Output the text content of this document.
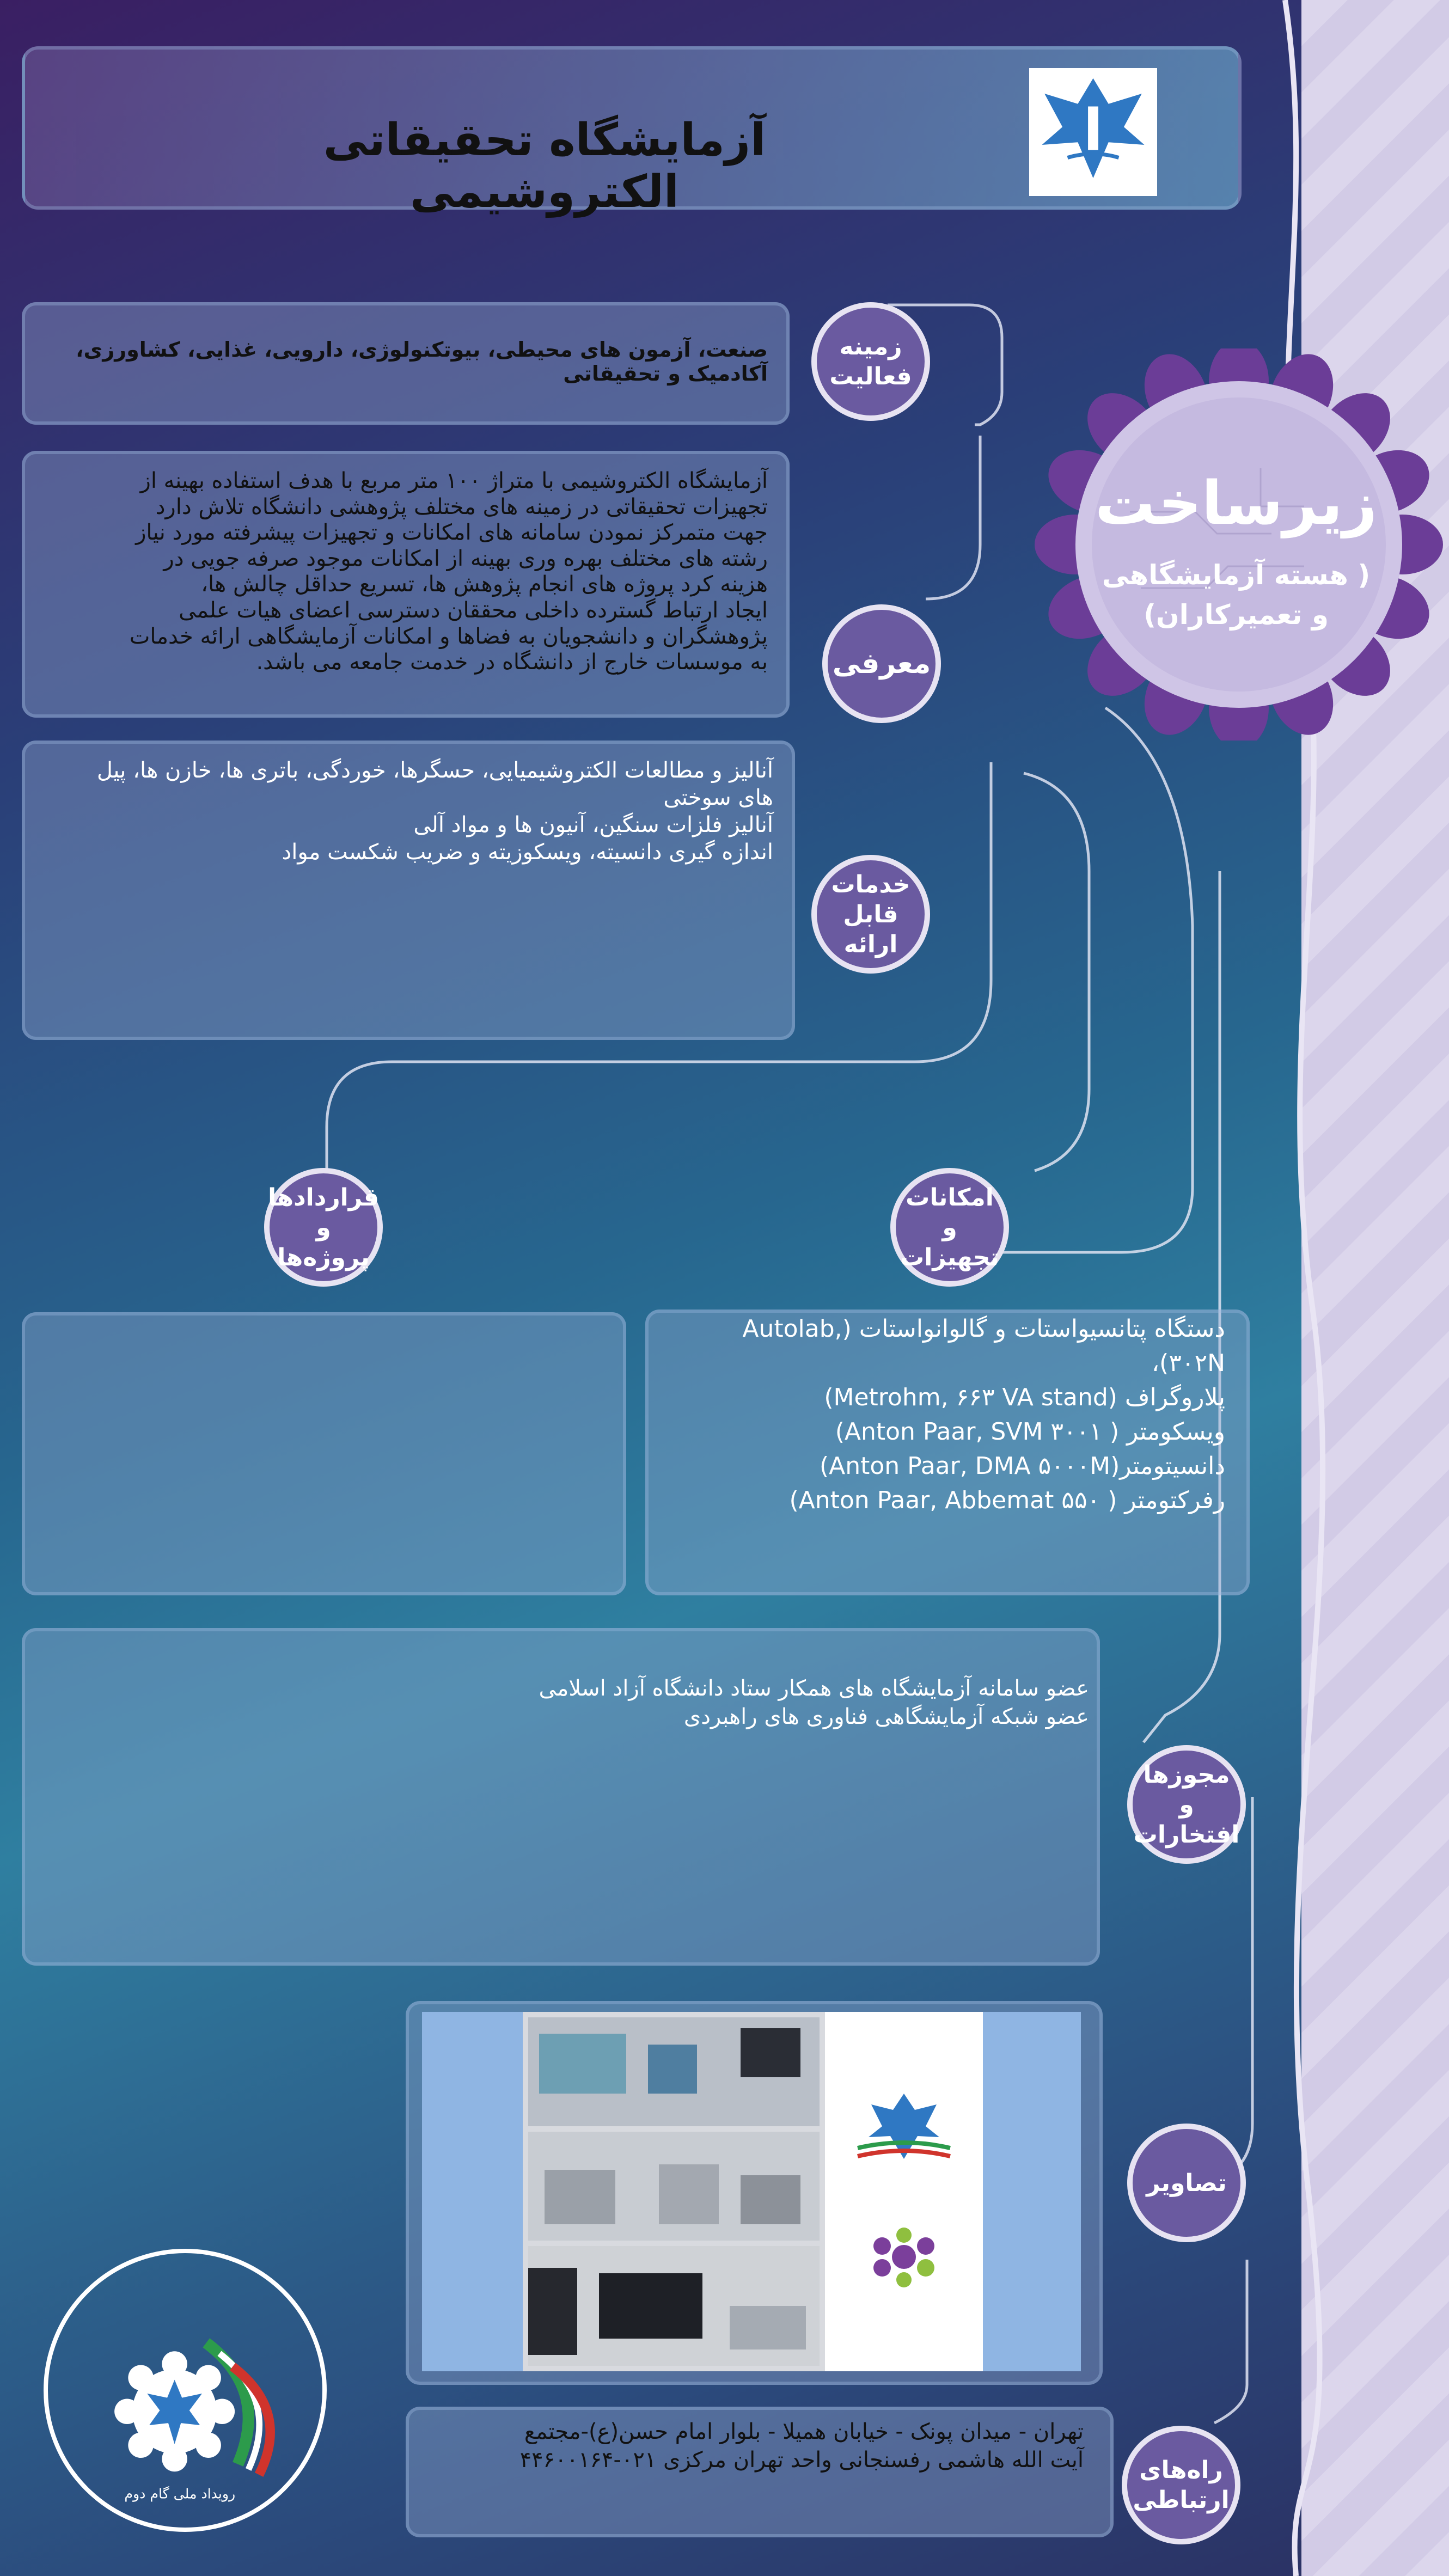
آزمایشگاه تحقیقاتی الکتروشیمی
زیرساخت
( هسته آزمایشگاهی
و تعمیرکاران)
صنعت، آزمون های محیطی، بیوتکنولوژی، دارویی، غذایی، کشاورزی، آکادمیک و تحقیقاتی
زمینه
فعالیت
آزمایشگاه الکتروشیمی با متراژ ۱۰۰ متر مربع با هدف استفاده بهینه از
تجهیزات تحقیقاتی در زمینه های مختلف پژوهشی دانشگاه تلاش دارد
جهت متمرکز نمودن سامانه های امکانات و تجهیزات پیشرفته مورد نیاز
رشته های مختلف بهره وری بهینه از امکانات موجود صرفه جویی در
هزینه کرد پروژه های انجام پژوهش ها، تسریع حداقل چالش ها،
ایجاد ارتباط گسترده داخلی محققان دسترسی اعضای هیات علمی
پژوهشگران و دانشجویان به فضاها و امکانات آزمایشگاهی ارائه خدمات
به موسسات خارج از دانشگاه در خدمت جامعه می باشد. معرفی
آنالیز و مطالعات الکتروشیمیایی، حسگرها، خوردگی، باتری ها، خازن ها، پیل
های سوختی
آنالیز فلزات سنگین، آنیون ها و مواد آلی
اندازه گیری دانسیته، ویسکوزیته و ضریب شکست مواد
خدمات
قابل ارائه
قراردادها و
پروژه‌ها
امکانات و
تجهیزات
دستگاه پتانسیواستات و گالوانواستات (Autolab, ۳۰۲N)،
پلاروگراف (Metrohm, ۶۶۳ VA stand)
ویسکومتر ( Anton Paar, SVM ۳۰۰۱)
دانسیتومتر(Anton Paar, DMA ۵۰۰۰M)
رفرکتومتر ( Anton Paar, Abbemat ۵۵۰)
عضو سامانه آزمایشگاه های همکار ستاد دانشگاه آزاد اسلامی
عضو شبکه آزمایشگاهی فناوری های راهبردی
مجوزها
و افتخارات
تصاویر
تهران - میدان پونک - خیابان همیلا - بلوار امام حسن(ع)-مجتمع
آیت الله هاشمی رفسنجانی واحد تهران مرکزی ۰۲۱-۴۴۶۰۰۱۶۴ راه‌های
ارتباطی
رویداد ملی گام دوم
